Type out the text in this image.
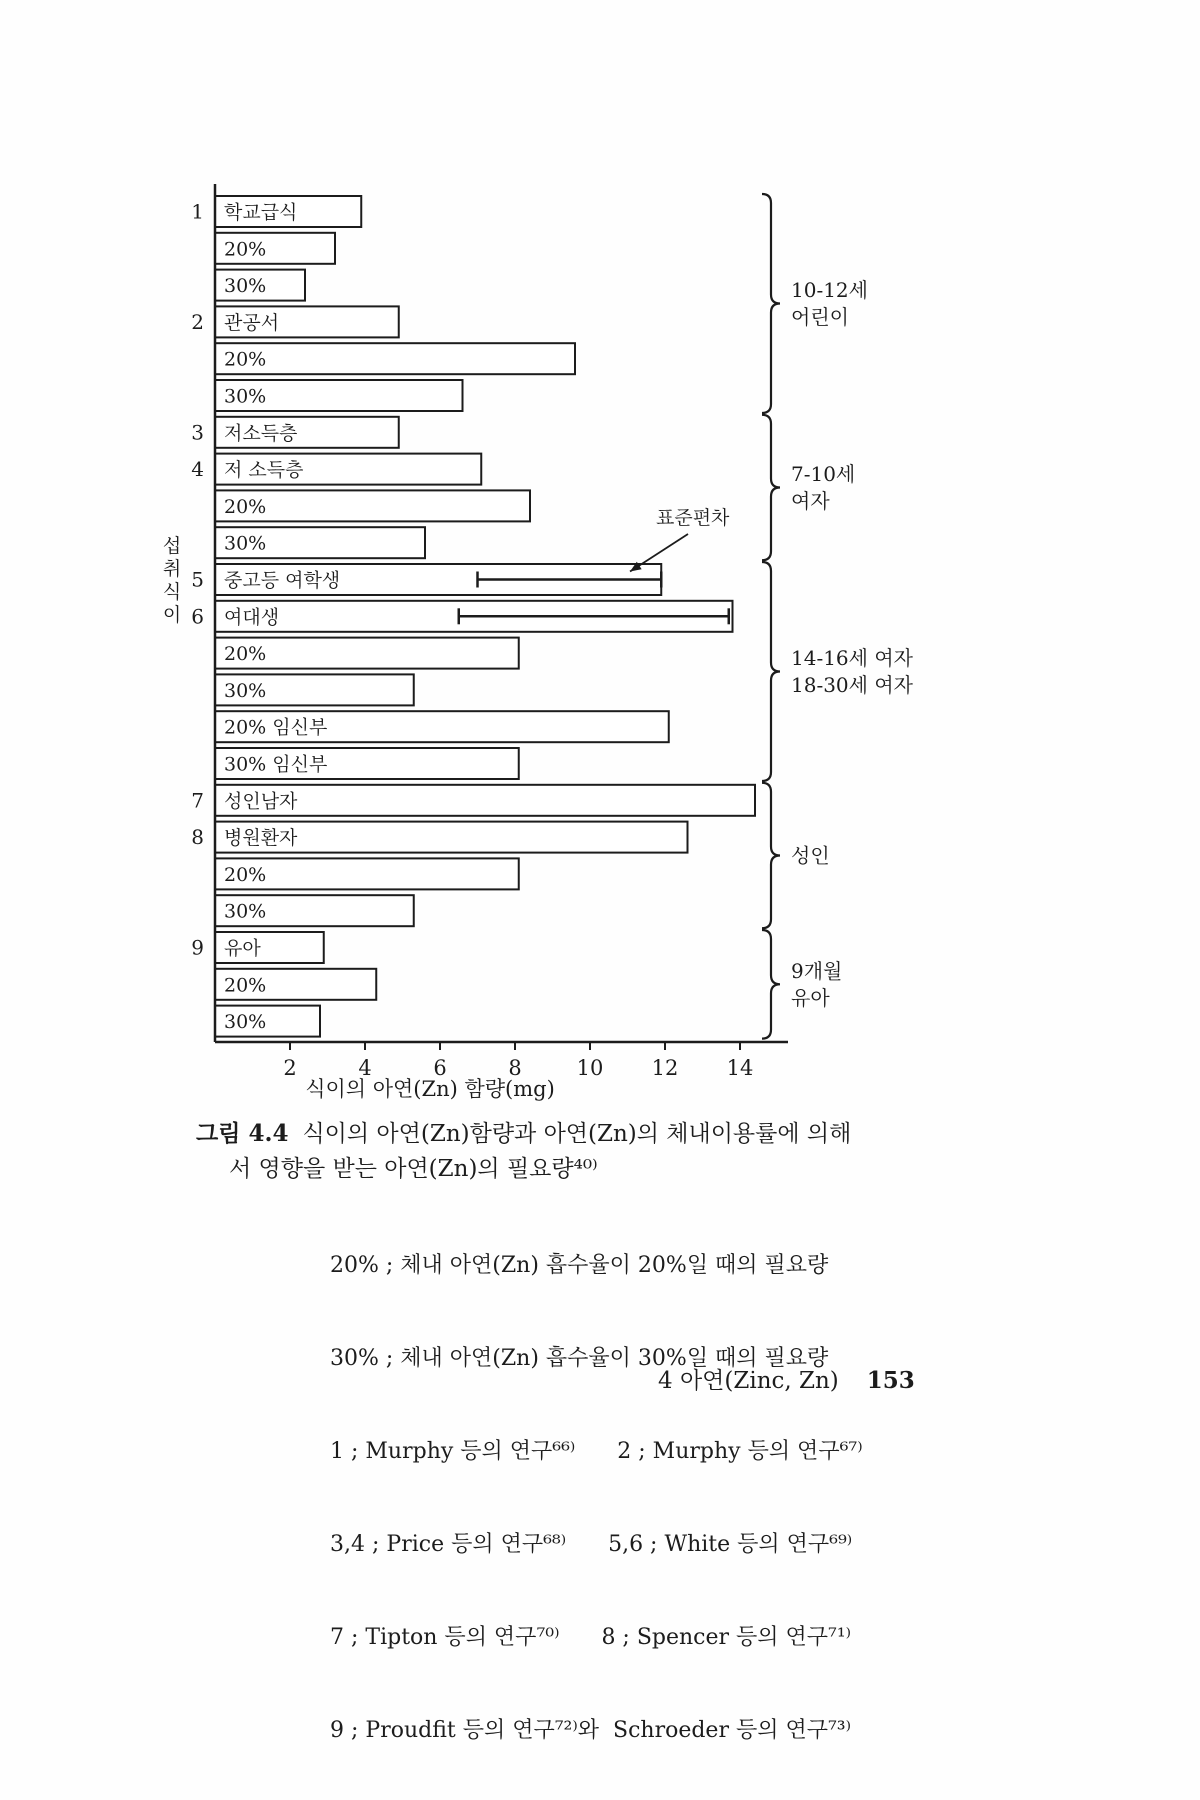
학교급식
1
20%
30%
관공서
2
20%
30%
저소득층
3
저 소득층
4
20%
30%
중고등 여학생
5
여대생
6
20%
30%
20% 임신부
30% 임신부
성인남자
7
병원환자
8
20%
30%
유아
9
20%
30%
2	4	6	8	10 12 14
식이의 아연(Zn) 함량(mg)
섭
취
식
이
10-12세
어린이
7-10세
여자
14-16세 여자
18-30세 여자
성인
9개월
유아
표준편차
그림 4.4 식이의 아연(Zn)함량과 아연(Zn)의 체내이용률에 의해
서 영향을 받는 아연(Zn)의 필요량⁴⁰⁾

20% ; 체내 아연(Zn) 흡수율이 20%일 때의 필요량

30% ; 체내 아연(Zn) 흡수율이 30%일 때의 필요량

1 ; Murphy 등의 연구⁶⁶⁾      2 ; Murphy 등의 연구⁶⁷⁾

3,4 ; Price 등의 연구⁶⁸⁾      5,6 ; White 등의 연구⁶⁹⁾

7 ; Tipton 등의 연구⁷⁰⁾      8 ; Spencer 등의 연구⁷¹⁾

9 ; Proudfit 등의 연구⁷²⁾와  Schroeder 등의 연구⁷³⁾

4 아연(Zinc, Zn) 153
